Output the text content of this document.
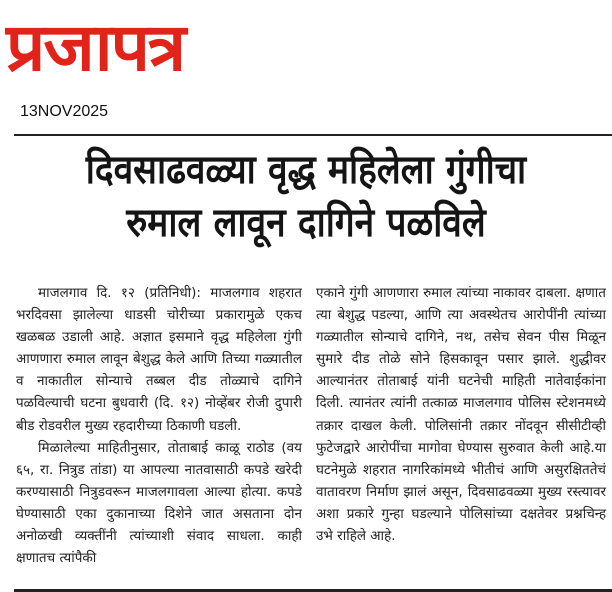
प्रजापत्र
13NOV2025
दिवसाढवळ्या वृद्ध महिलेला गुंगीचा
रुमाल लावून दागिने पळविले

माजलगाव दि. १२ (प्रतिनिधी): माजलगाव शहरात भरदिवसा झालेल्या धाडसी चोरीच्या प्रकारामुळे एकच खळबळ उडाली आहे. अज्ञात इसमाने वृद्ध महिलेला गुंगी आणणारा रुमाल लावून बेशुद्ध केले आणि तिच्या गळ्यातील व नाकातील सोन्याचे तब्बल दीड तोळ्याचे दागिने पळविल्याची घटना बुधवारी (दि. १२) नोव्हेंबर रोजी दुपारी बीड रोडवरील मुख्य रहदारीच्या ठिकाणी घडली.

मिळालेल्या माहितीनुसार, तोताबाई काळू राठोड (वय ६५, रा. नित्रुड तांडा) या आपल्या नातवासाठी कपडे खरेदी करण्यासाठी नित्रुडवरून माजलगावला आल्या होत्या. कपडे घेण्यासाठी एका दुकानाच्या दिशेने जात असताना दोन अनोळखी व्यक्तींनी त्यांच्याशी संवाद साधला. काही क्षणातच त्यांपैकी

एकाने गुंगी आणणारा रुमाल त्यांच्या नाकावर दाबला. क्षणात त्या बेशुद्ध पडल्या, आणि त्या अवस्थेतच आरोपींनी त्यांच्या गळ्यातील सोन्याचे दागिने, नथ, तसेच सेवन पीस मिळून सुमारे दीड तोळे सोने हिसकावून पसार झाले. शुद्धीवर आल्यानंतर तोताबाई यांनी घटनेची माहिती नातेवाईकांना दिली. त्यानंतर त्यांनी तत्काळ माजलगाव पोलिस स्टेशनमध्ये तक्रार दाखल केली. पोलिसांनी तक्रार नोंदवून सीसीटीव्ही फुटेजद्वारे आरोपींचा मागोवा घेण्यास सुरुवात केली आहे.या घटनेमुळे शहरात नागरिकांमध्ये भीतीचं आणि असुरक्षिततेचं वातावरण निर्माण झालं असून, दिवसाढवळ्या मुख्य रस्त्यावर अशा प्रकारे गुन्हा घडल्याने पोलिसांच्या दक्षतेवर प्रश्नचिन्ह उभे राहिले आहे.
